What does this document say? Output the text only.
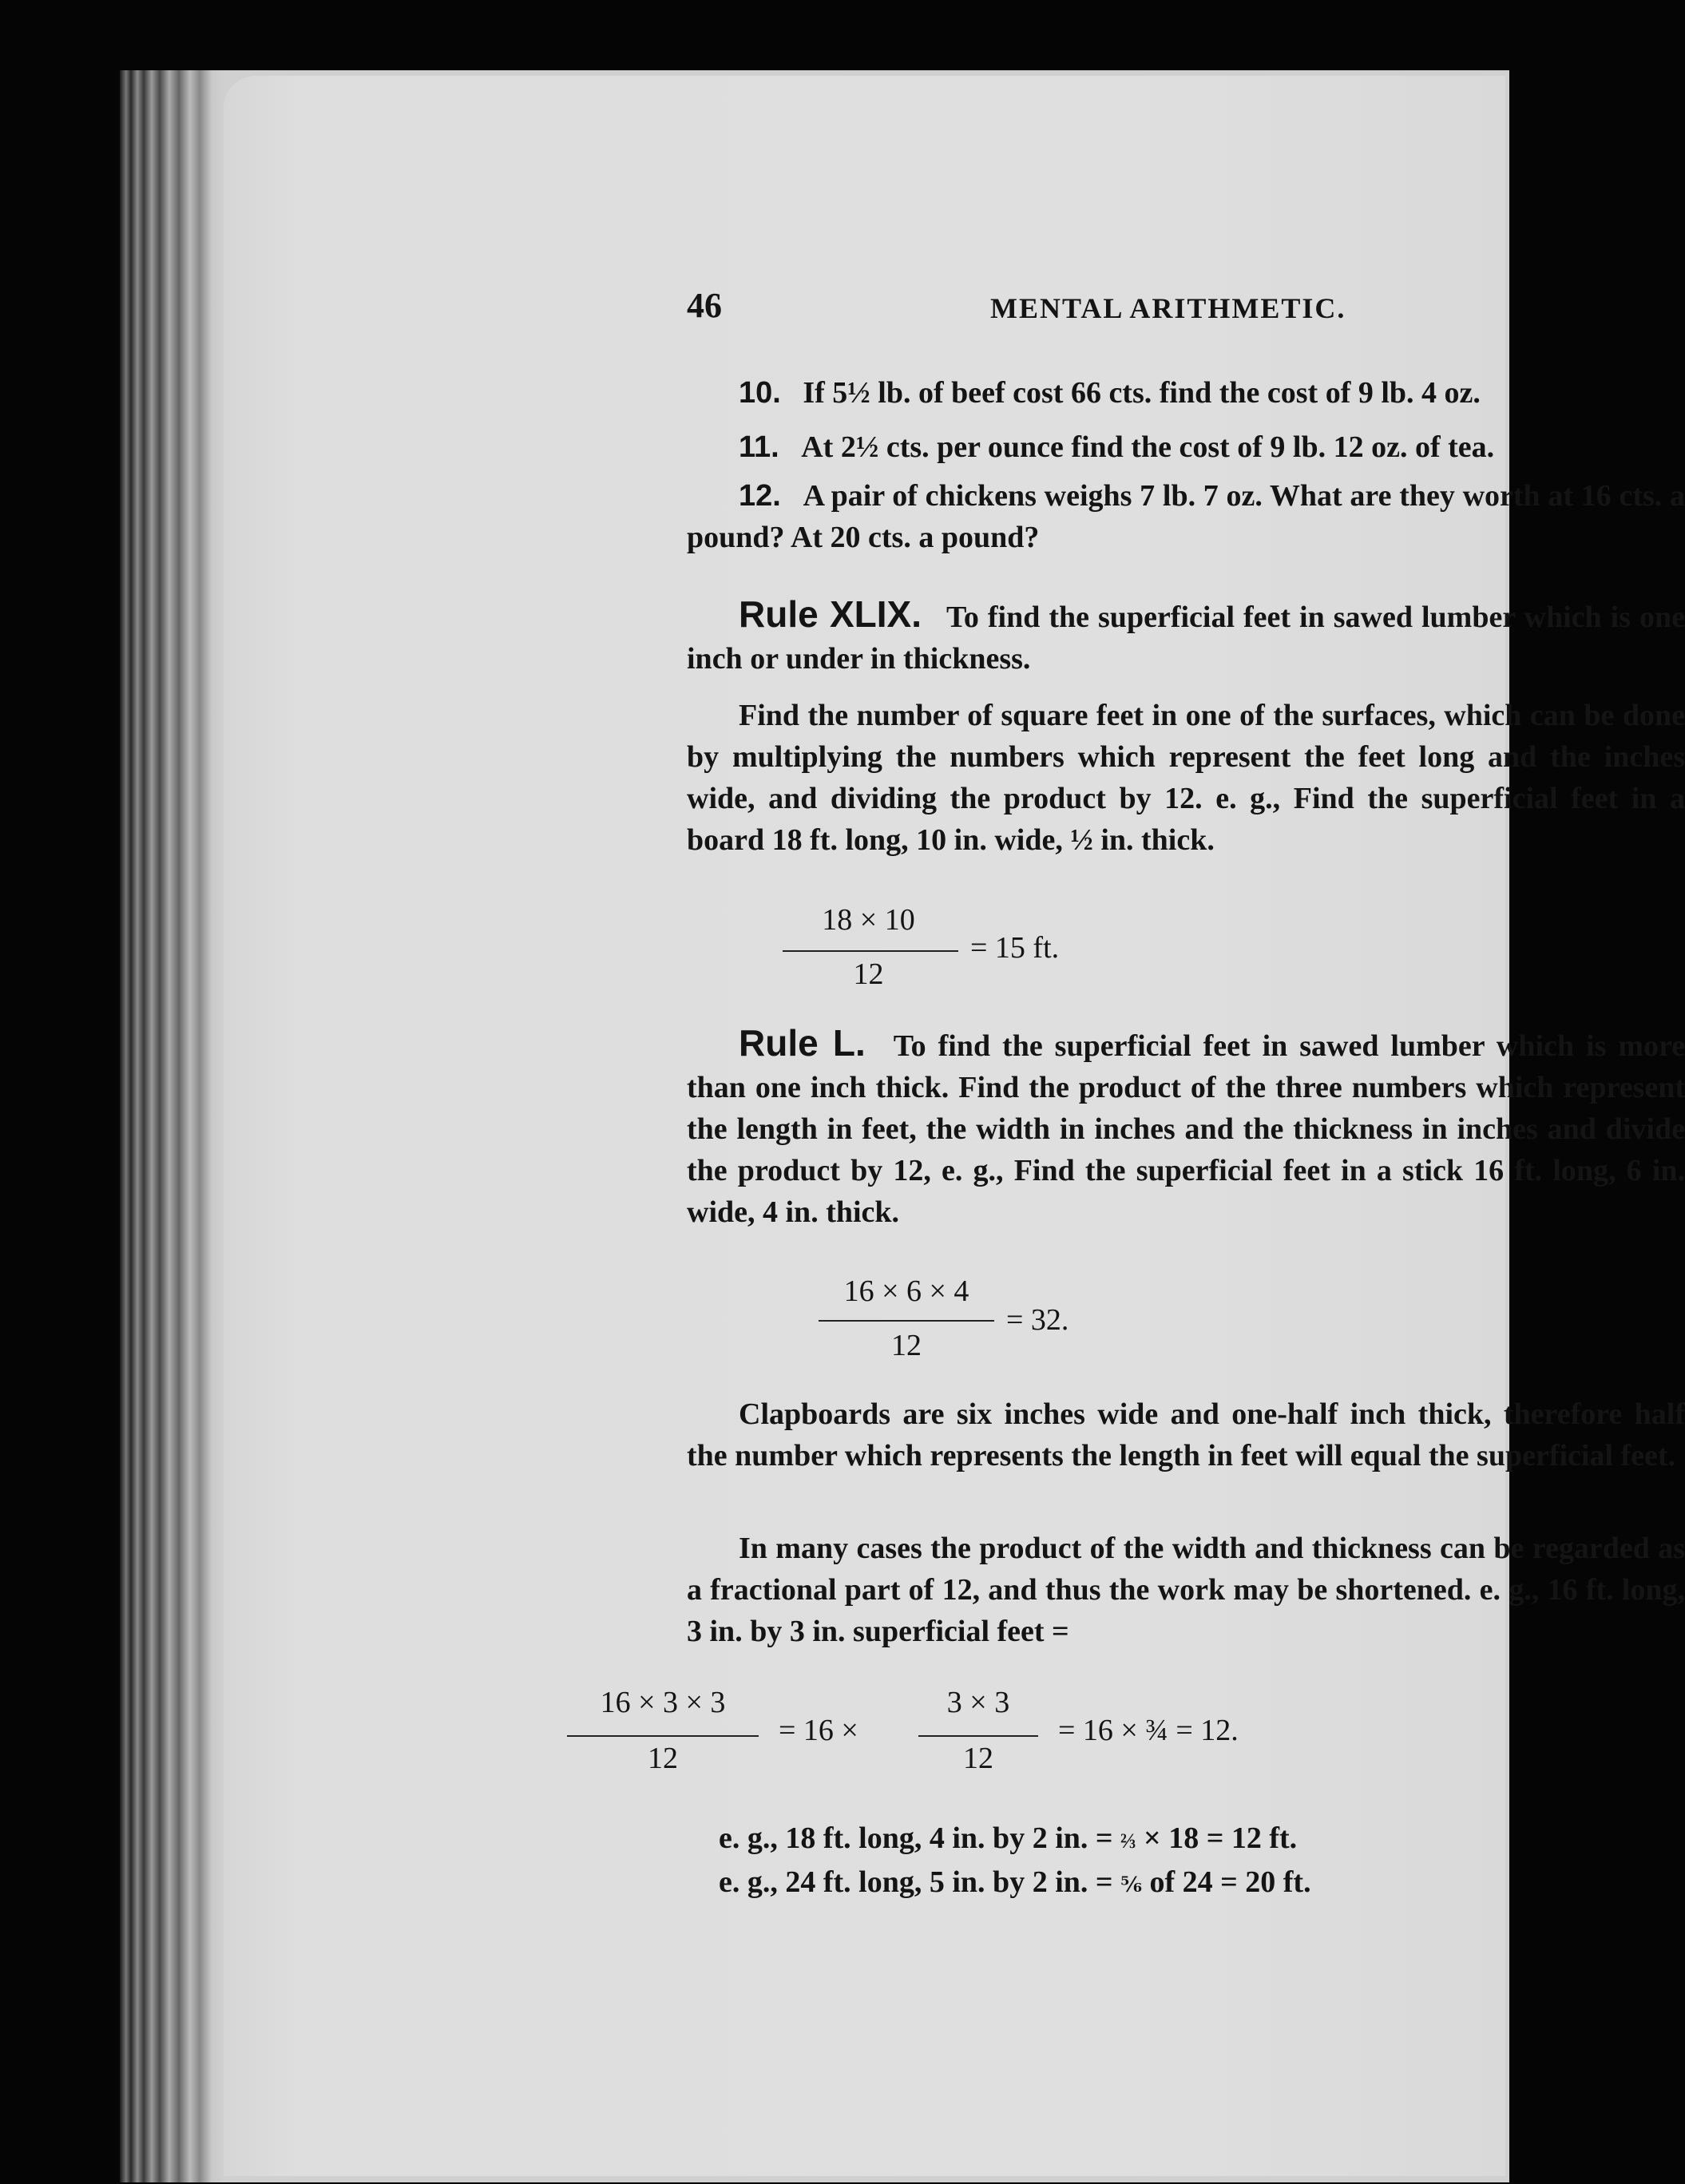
46	MENTAL ARITHMETIC.
10. If 5½ lb. of beef cost 66 cts. find the cost of 9 lb. 4 oz.
11. At 2½ cts. per ounce find the cost of 9 lb. 12 oz. of tea.
12. A pair of chickens weighs 7 lb. 7 oz. What are they worth at 16 cts. a pound? At 20 cts. a pound?
Rule XLIX. To find the superficial feet in sawed lumber which is one inch or under in thickness.
Find the number of square feet in one of the surfaces, which can be done by multiplying the numbers which represent the feet long and the inches wide, and dividing the product by 12. e. g., Find the superficial feet in a board 18 ft. long, 10 in. wide, ½ in. thick.
18 × 10
12
= 15 ft.
Rule L. To find the superficial feet in sawed lumber which is more than one inch thick. Find the product of the three numbers which represent the length in feet, the width in inches and the thickness in inches and divide the product by 12, e. g., Find the superficial feet in a stick 16 ft. long, 6 in. wide, 4 in. thick.
16 × 6 × 4
12
= 32.
Clapboards are six inches wide and one-half inch thick, therefore half the number which represents the length in feet will equal the superficial feet.
In many cases the product of the width and thickness can be regarded as a fractional part of 12, and thus the work may be shortened. e. g., 16 ft. long, 3 in. by 3 in. superficial feet =
16 × 3 × 3
12
= 16 ×
3 × 3
12
= 16 × ¾ = 12.
e. g., 18 ft. long, 4 in. by 2 in. = ⅔ × 18 = 12 ft.
e. g., 24 ft. long, 5 in. by 2 in. = ⅚ of 24 = 20 ft.
